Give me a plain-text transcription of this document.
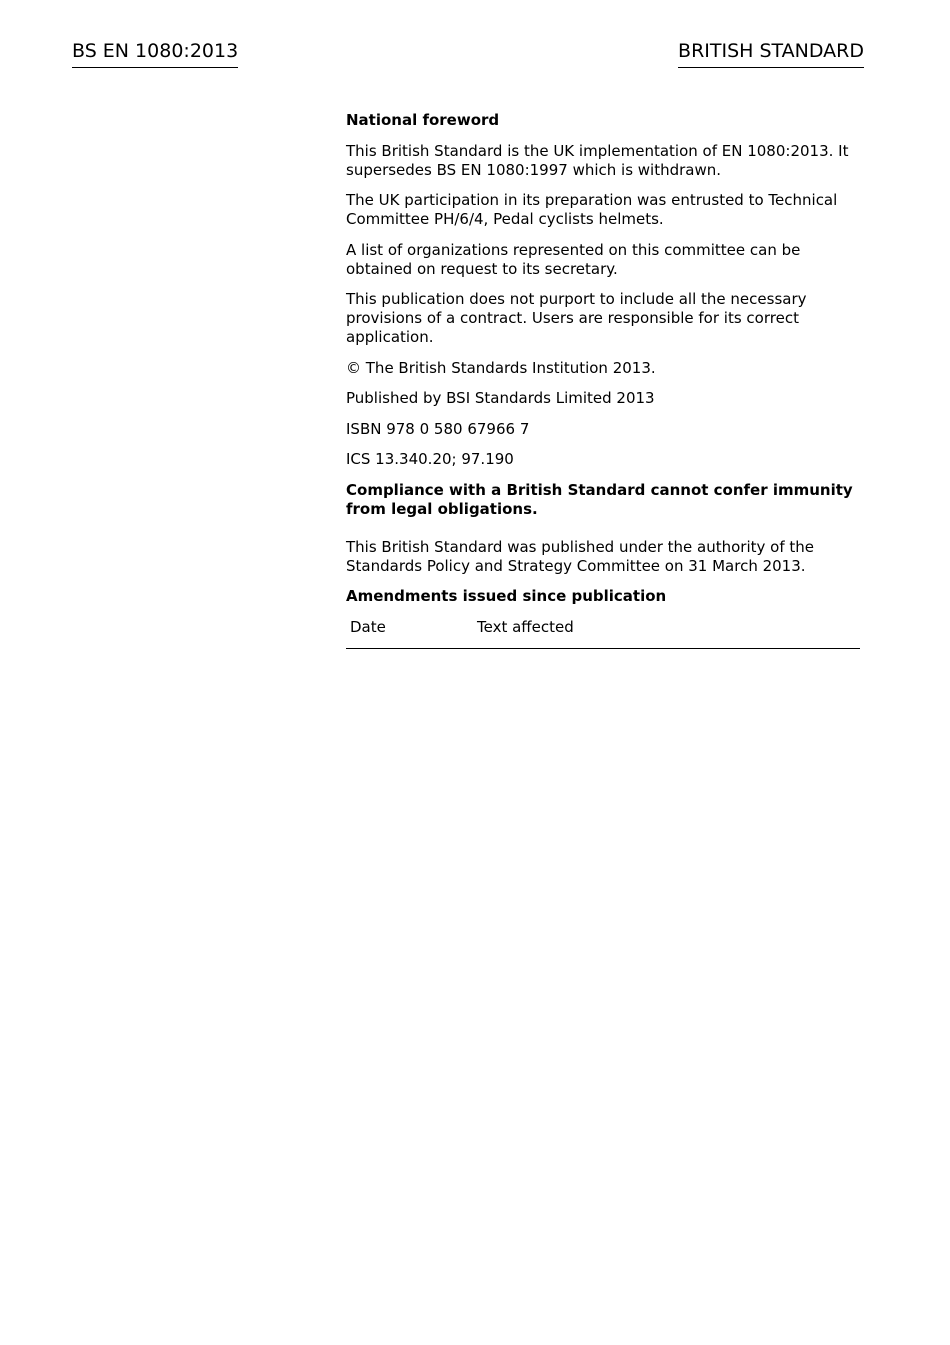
BS EN 1080:2013	BRITISH STANDARD

National foreword

This British Standard is the UK implementation of EN 1080:2013. It supersedes BS EN 1080:1997 which is withdrawn.

The UK participation in its preparation was entrusted to Technical Committee PH/6/4, Pedal cyclists helmets.

A list of organizations represented on this committee can be obtained on request to its secretary.

This publication does not purport to include all the necessary provisions of a contract. Users are responsible for its correct application.

© The British Standards Institution 2013.

Published by BSI Standards Limited 2013

ISBN 978 0 580 67966 7

ICS 13.340.20; 97.190

Compliance with a British Standard cannot confer immunity from legal obligations.

This British Standard was published under the authority of the Standards Policy and Strategy Committee on 31 March 2013.

Amendments issued since publication

Date	Text affected
